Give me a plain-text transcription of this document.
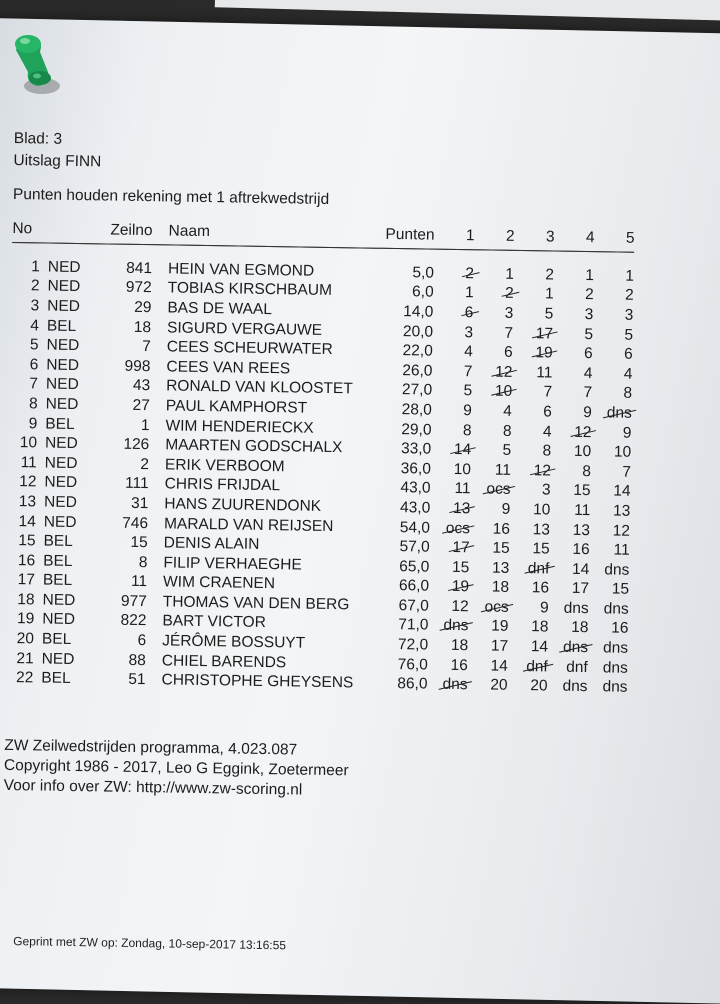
Blad: 3

Uitslag FINN

Punten houden rekening met 1 aftrekwedstrijd

No		Zeilno	Naam	Punten	1	2	3	4	5
1	NED	841	HEIN VAN EGMOND	5,0	2	1	2	1	1
2	NED	972	TOBIAS KIRSCHBAUM	6,0	1	2	1	2	2
3	NED	29	BAS DE WAAL	14,0	6	3	5	3	3
4	BEL	18	SIGURD VERGAUWE	20,0	3	7	17	5	5
5	NED	7	CEES SCHEURWATER	22,0	4	6	19	6	6
6	NED	998	CEES VAN REES	26,0	7	12	11	4	4
7	NED	43	RONALD VAN KLOOSTET	27,0	5	10	7	7	8
8	NED	27	PAUL KAMPHORST	28,0	9	4	6	9	dns
9	BEL	1	WIM HENDERIECKX	29,0	8	8	4	12	9
10	NED	126	MAARTEN GODSCHALX	33,0	14	5	8	10	10
11	NED	2	ERIK VERBOOM	36,0	10	11	12	8	7
12	NED	111	CHRIS FRIJDAL	43,0	11	ocs	3	15	14
13	NED	31	HANS ZUURENDONK	43,0	13	9	10	11	13
14	NED	746	MARALD VAN REIJSEN	54,0	ocs	16	13	13	12
15	BEL	15	DENIS ALAIN	57,0	17	15	15	16	11
16	BEL	8	FILIP VERHAEGHE	65,0	15	13	dnf	14	dns
17	BEL	11	WIM CRAENEN	66,0	19	18	16	17	15
18	NED	977	THOMAS VAN DEN BERG	67,0	12	ocs	9	dns	dns
19	NED	822	BART VICTOR	71,0	dns	19	18	18	16
20	BEL	6	JÉRÔME BOSSUYT	72,0	18	17	14	dns	dns
21	NED	88	CHIEL BARENDS	76,0	16	14	dnf	dnf	dns
22	BEL	51	CHRISTOPHE GHEYSENS	86,0	dns	20	20	dns	dns
ZW Zeilwedstrijden programma, 4.023.087
Copyright 1986 - 2017, Leo G Eggink, Zoetermeer
Voor info over ZW: http://www.zw-scoring.nl
Geprint met ZW op: Zondag, 10-sep-2017 13:16:55
